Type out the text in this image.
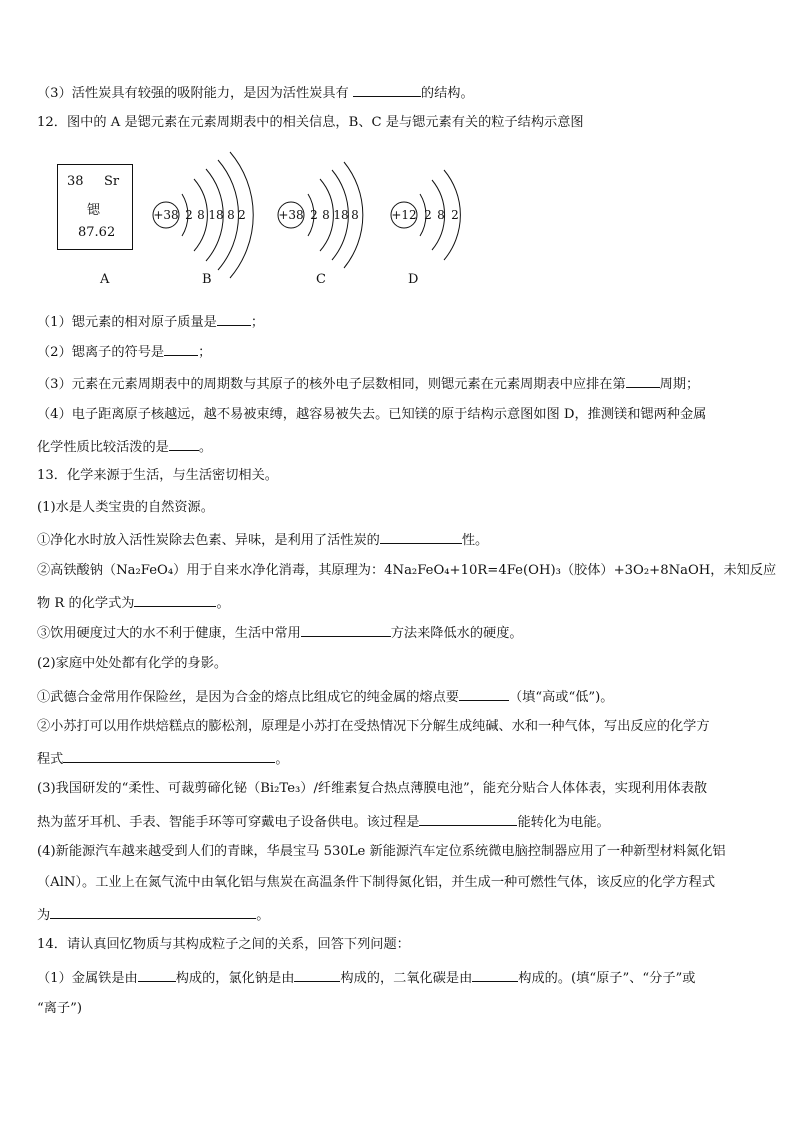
（3）活性炭具有较强的吸附能力，是因为活性炭具有	的结构。
12．图中的 A 是锶元素在元素周期表中的相关信息，B、C 是与锶元素有关的粒子结构示意图
38 Sr
锶
87.62
+38	+38	+12
2 8 18 8 2	2 8 18 8	2 8 2
A	B	C	D
（1）锶元素的相对原子质量是	；
（2）锶离子的符号是	；
（3）元素在元素周期表中的周期数与其原子的核外电子层数相同，则锶元素在元素周期表中应排在第	周期；
（4）电子距离原子核越远，越不易被束缚，越容易被失去。已知镁的原于结构示意图如图 D，推测镁和锶两种金属
化学性质比较活泼的是 。
13．化学来源于生活，与生活密切相关。
(1)水是人类宝贵的自然资源。
①净化水时放入活性炭除去色素、异味，是利用了活性炭的	性。
②高铁酸钠（Na₂FeO₄）用于自来水净化消毒，其原理为：4Na₂FeO₄+10R=4Fe(OH)₃（胶体）+3O₂+8NaOH，未知反应
物 R 的化学式为	。
③饮用硬度过大的水不利于健康，生活中常用	方法来降低水的硬度。
(2)家庭中处处都有化学的身影。
①武德合金常用作保险丝，是因为合金的熔点比组成它的纯金属的熔点要	（填“高或“低”)。
②小苏打可以用作烘焙糕点的膨松剂，原理是小苏打在受热情况下分解生成纯碱、水和一种气体，写出反应的化学方
程式	。
(3)我国研发的“柔性、可裁剪碲化铋（Bi₂Te₃）/纤维素复合热点薄膜电池”，能充分贴合人体体表，实现利用体表散
热为蓝牙耳机、手表、智能手环等可穿戴电子设备供电。该过程是	能转化为电能。
(4)新能源汽车越来越受到人们的青睐，华晨宝马 530Le 新能源汽车定位系统微电脑控制器应用了一种新型材料氮化铝
（AlN）。工业上在氮气流中由氧化铝与焦炭在高温条件下制得氮化铝，并生成一种可燃性气体，该反应的化学方程式
为	。
14．请认真回忆物质与其构成粒子之间的关系，回答下列问题：
（1）金属铁是由	构成的，氯化钠是由	构成的，二氧化碳是由	构成的。(填“原子”、“分子”或
“离子”)
